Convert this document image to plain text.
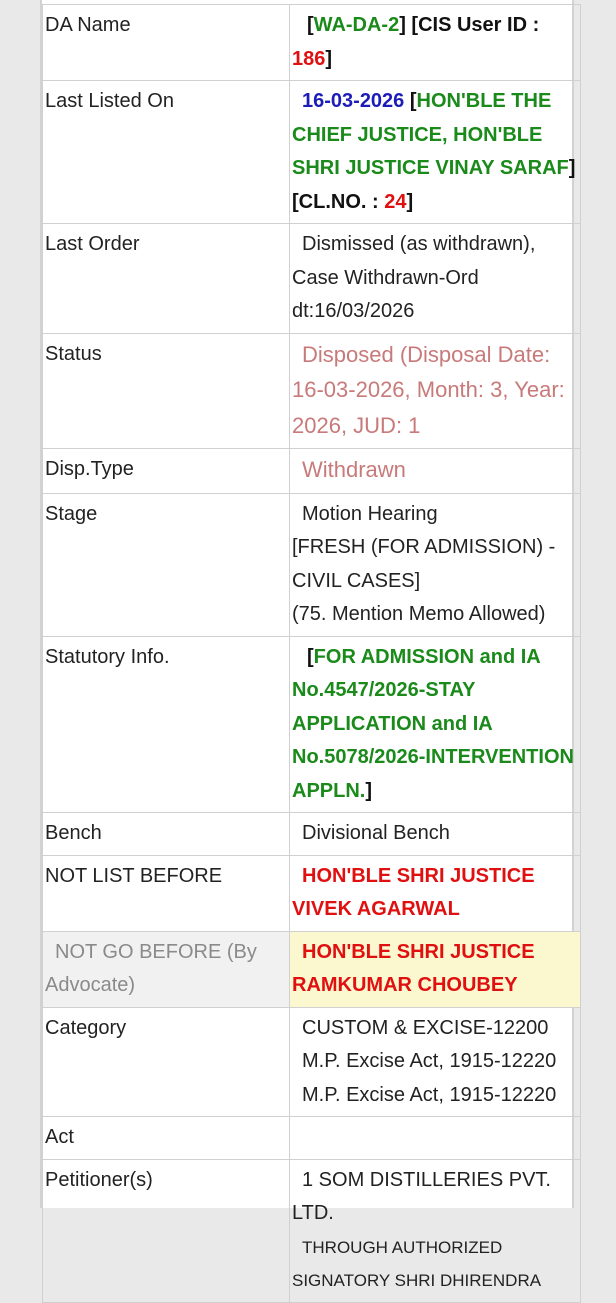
DA Name	[WA-DA-2] [CIS User ID : 186]
Last Listed On	16-03-2026 [HON'BLE THE CHIEF JUSTICE, HON'BLE SHRI JUSTICE VINAY SARAF]
[CL.NO. : 24]
Last Order	Dismissed (as withdrawn),
Case Withdrawn-Ord
dt:16/03/2026
Status	Disposed (Disposal Date: 16-03-2026, Month: 3, Year: 2026, JUD: 1
Disp.Type	Withdrawn
Stage	Motion Hearing
[FRESH (FOR ADMISSION) - CIVIL CASES]
(75. Mention Memo Allowed)
Statutory Info.	[FOR ADMISSION and IA No.4547/2026-STAY APPLICATION and IA No.5078/2026-INTERVENTION APPLN.]
Bench	Divisional Bench
NOT LIST BEFORE	HON'BLE SHRI JUSTICE VIVEK AGARWAL
NOT GO BEFORE (By Advocate)	HON'BLE SHRI JUSTICE RAMKUMAR CHOUBEY
Category	CUSTOM & EXCISE-12200
M.P. Excise Act, 1915-12220
M.P. Excise Act, 1915-12220
Act	
Petitioner(s)	1 SOM DISTILLERIES PVT. LTD.
THROUGH AUTHORIZED SIGNATORY SHRI DHIRENDRA
